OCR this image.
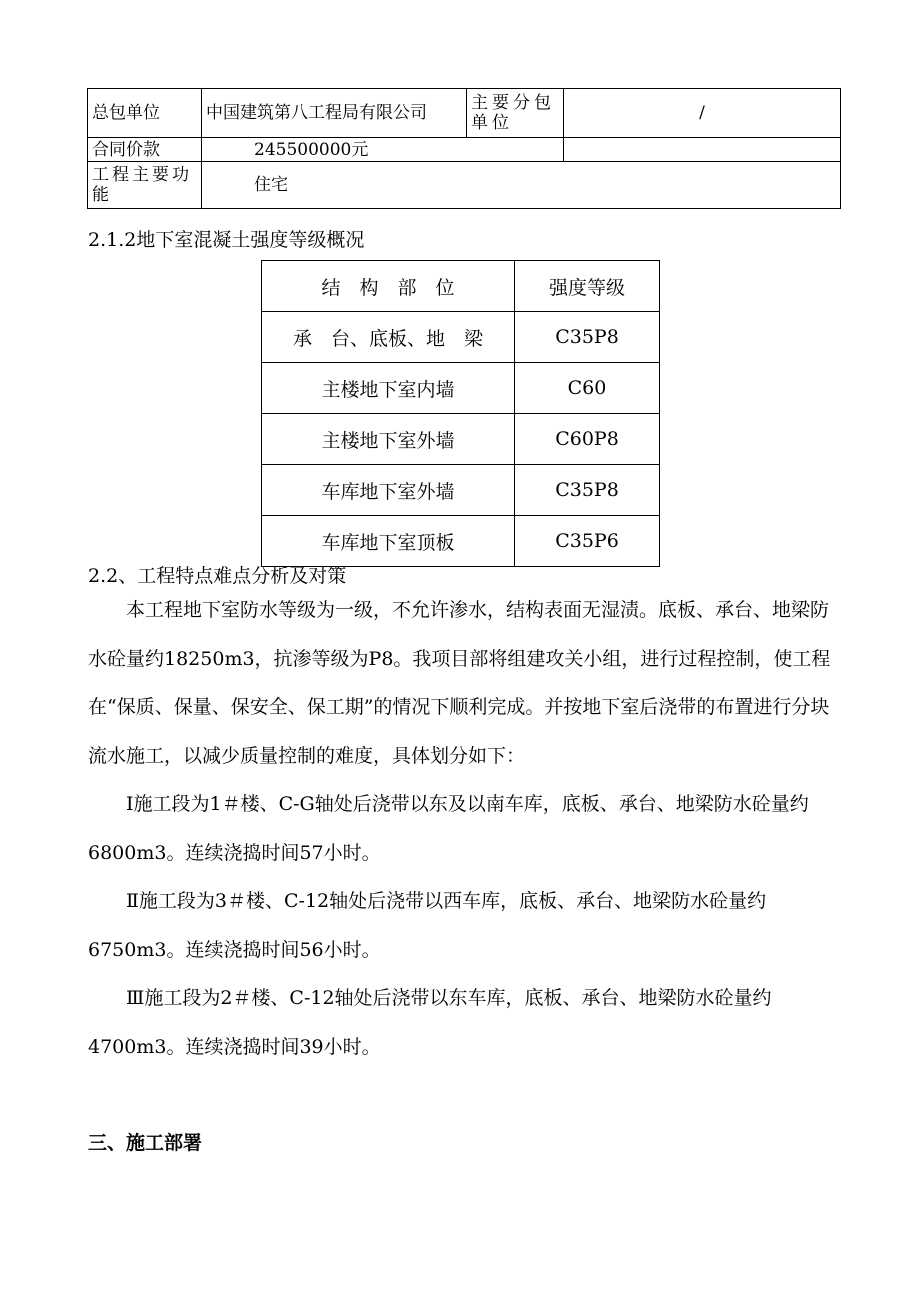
总包单位	中国建筑第八工程局有限公司	主要分包单位	/
合同价款	245500000元		
工程主要功能	住宅		
2.1.2地下室混凝土强度等级概况
结　构　部　位	强度等级
承　台、底板、地　梁	C35P8
主楼地下室内墙	C60
主楼地下室外墙	C60P8
车库地下室外墙	C35P8
车库地下室顶板	C35P6
2.2、工程特点难点分析及对策

本工程地下室防水等级为一级，不允许渗水，结构表面无湿渍。底板、承台、地梁防水砼量约18250m3，抗渗等级为P8。我项目部将组建攻关小组，进行过程控制，使工程在“保质、保量、保安全、保工期”的情况下顺利完成。并按地下室后浇带的布置进行分块流水施工，以减少质量控制的难度，具体划分如下：

Ⅰ施工段为1＃楼、C-G轴处后浇带以东及以南车库，底板、承台、地梁防水砼量约6800m3。连续浇捣时间57小时。

Ⅱ施工段为3＃楼、C-12轴处后浇带以西车库，底板、承台、地梁防水砼量约6750m3。连续浇捣时间56小时。

Ⅲ施工段为2＃楼、C-12轴处后浇带以东车库，底板、承台、地梁防水砼量约4700m3。连续浇捣时间39小时。

三、施工部署
